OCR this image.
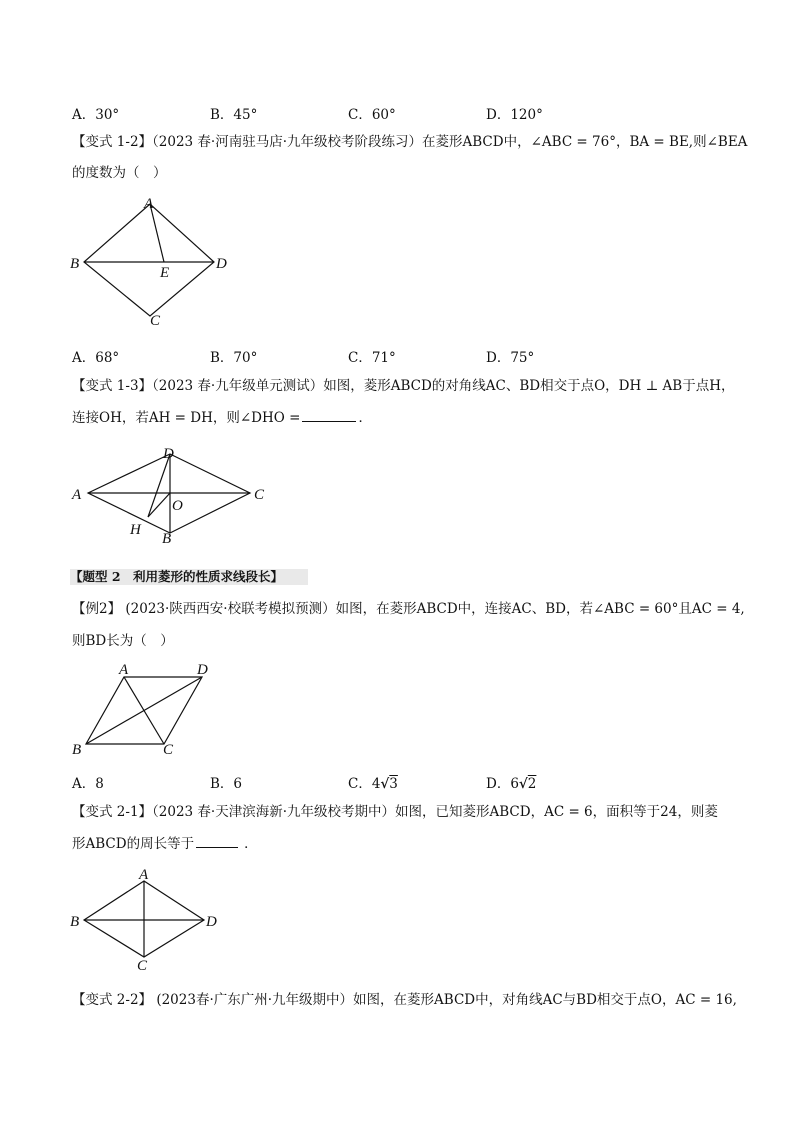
A．30°	B．45°	C．60°	D．120°
【变式 1-2】（2023 春·河南驻马店·九年级校考阶段练习）在菱形ABCD中，∠ABC = 76°，BA = BE,则∠BEA
的度数为（　）
A
B
E
D
C
A．68°	B．70°	C．71°	D．75°
【变式 1-3】（2023 春·九年级单元测试）如图，菱形ABCD的对角线AC、BD相交于点O，DH ⊥ AB于点H，
连接OH，若AH = DH，则∠DHO =	．
D
A
O
C
H
B
【题型 2　利用菱形的性质求线段长】
【例2】 (2023·陕西西安·校联考模拟预测）如图，在菱形ABCD中，连接AC、BD，若∠ABC = 60°且AC = 4,
则BD长为（　）
A	D
B	C
A．8	B．6	C．4√3	D．6√2
【变式 2-1】（2023 春·天津滨海新·九年级校考期中）如图，已知菱形ABCD，AC = 6，面积等于24，则菱
形ABCD的周长等于	．
A
B	D
C
【变式 2-2】 (2023春·广东广州·九年级期中）如图，在菱形ABCD中，对角线AC与BD相交于点O，AC = 16,
